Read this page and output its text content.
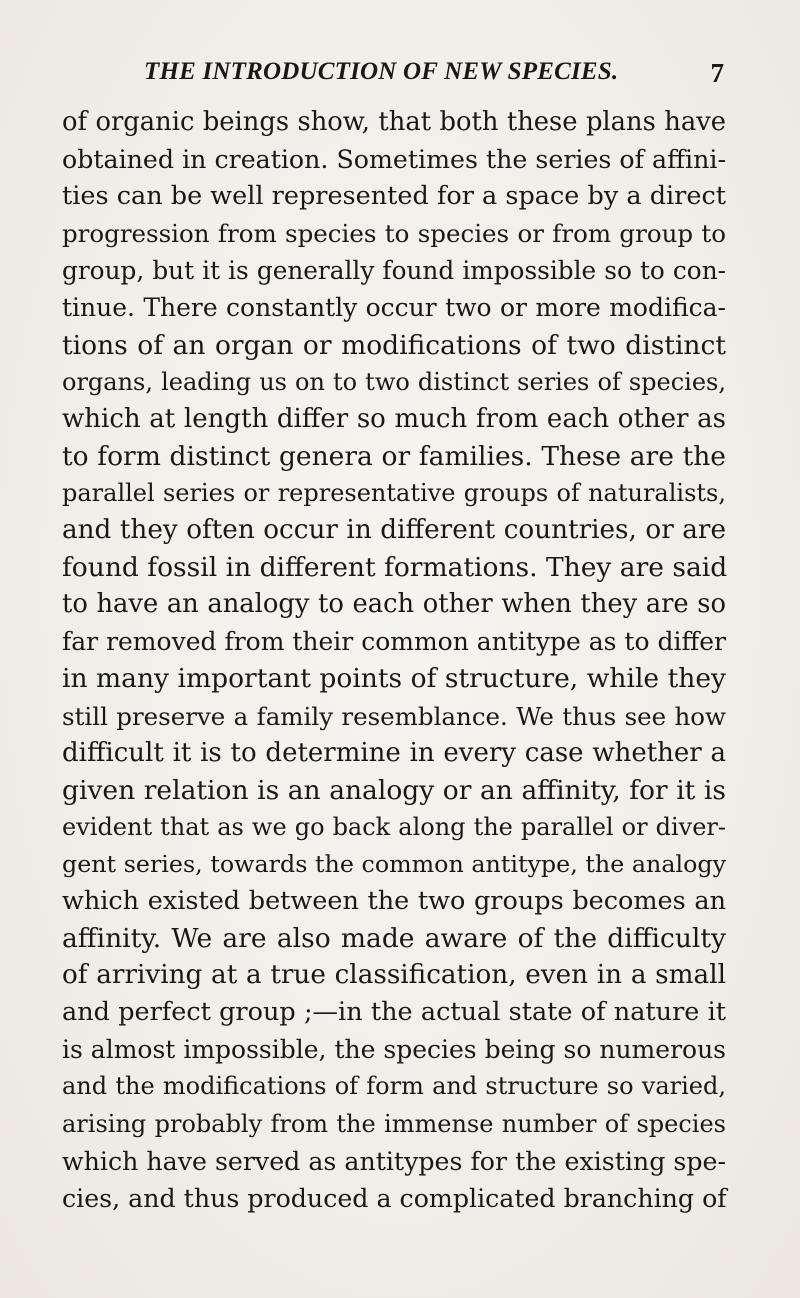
THE INTRODUCTION OF NEW SPECIES.	7
of organic beings show, that both these plans have
obtained in creation. Sometimes the series of affini-
ties can be well represented for a space by a direct
progression from species to species or from group to
group, but it is generally found impossible so to con-
tinue. There constantly occur two or more modifica-
tions of an organ or modifications of two distinct
organs, leading us on to two distinct series of species,
which at length differ so much from each other as
to form distinct genera or families. These are the
parallel series or representative groups of naturalists,
and they often occur in different countries, or are
found fossil in different formations. They are said
to have an analogy to each other when they are so
far removed from their common antitype as to differ
in many important points of structure, while they
still preserve a family resemblance. We thus see how
difficult it is to determine in every case whether a
given relation is an analogy or an affinity, for it is
evident that as we go back along the parallel or diver-
gent series, towards the common antitype, the analogy
which existed between the two groups becomes an
affinity. We are also made aware of the difficulty
of arriving at a true classification, even in a small
and perfect group ;—in the actual state of nature it
is almost impossible, the species being so numerous
and the modifications of form and structure so varied,
arising probably from the immense number of species
which have served as antitypes for the existing spe-
cies, and thus produced a complicated branching of
